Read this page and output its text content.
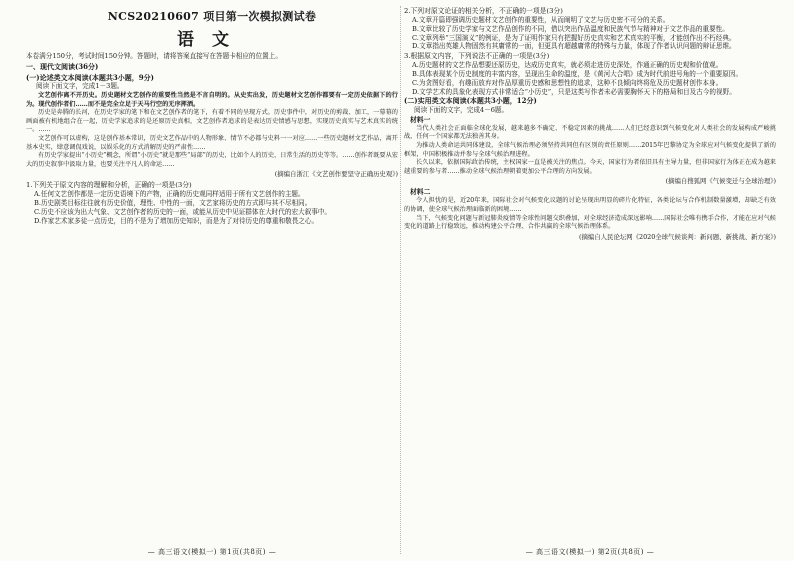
NCS20210607 项目第一次模拟测试卷
语文

本卷满分150分，考试时间150分钟。答题时，请将答案直接写在答题卡相应的位置上。

一、现代文阅读(36分)
(一)论述类文本阅读(本题共3小题，9分)
阅读下面文字，完成1－3题。

文艺创作离不开历史。历史题材文艺创作的重要性当然是不言自明的。从史实出发，历史题材文艺创作都要有一定历史依据下的行为。现代创作者们……而不是完全立足于天马行空的无序挥洒。

历史是奔腾的长河，在历史学家的笔下和在文艺创作者的笔下，有着不同的呈现方式。历史事件中，对历史的剪裁、加工，一幕幕的画面被有机地组合在一起，历史学家追求的是还原历史真相，文艺创作者追求的是表达历史情感与思想，实现历史真实与艺术真实的统一。……

文艺创作可以虚构，这是创作基本常识，历史文艺作品中的人物形象、情节不必都与史料一一对应……一些历史题材文艺作品，离开基本史实，肆意调侃戏说，以娱乐化的方式消解历史的严肃性……

有历史学家提出“小历史”概念，所谓“小历史”就是那些“局部”的历史，比如个人的历史、日常生活的历史等等。……创作者既要从宏大的历史叙事中汲取力量，也要关注平凡人的命运……

(摘编自浙江《文艺创作要坚守正确历史观》)
1.下列关于原文内容的理解和分析，正确的一项是(3分)
A.任何文艺创作都是一定历史语境下的产物，正确的历史观同样适用于所有文艺创作的主题。
B.历史剧类目标往往就有历史价值，理性、中性的一面，文艺家将历史的方式即与其不尽相同。
C.历史不应该为出大气象、文艺创作者的历史的一面，或能从历史中见证群体在大时代的宏大叙事中。
D.作家艺术家多徒一点历史，目的不是为了增加历史知识，而是为了对待历史的尊重和敬畏之心。
2.下列对原文论证的相关分析，不正确的一项是(3分)
A.文章开篇即强调历史题材文艺创作的重要性，从而阐明了文艺与历史密不可分的关系。
B.文章比较了历史学家与文艺作品创作的不同，借以突出作品温度和民族气节与精神对于文艺作品的重要性。
C.文章列举“三国演义”的例证，是为了证明作家只有把握好历史真实和艺术真实的平衡，才能创作出不朽经典。
D.文章指出英雄人物固然有其庸常的一面，但更具有超越庸常的特殊与力量，体现了作者认识问题的辩证思维。
3.根据原文内容，下列说法不正确的一项是(3分)
A.历史题材的文艺作品想要还原历史，达成历史真实，就必须走进历史深处，作通正确的历史观和价值观。
B.具体表现某个历史制度的丰富内容，呈现出生命的温度，是《黄河大合唱》成为时代前进号角的一个重要原因。
C.为贪图好看，有趣而放弃对作品厚重历史感和思想性的追求，这种不良倾向终将危及历史题材创作本身。
D.文学艺术的具象化表现方式非常适合“小历史”，只是这类写作者未必需要胸怀天下的格局和目及古今的视野。
(二)实用类文本阅读(本题共3小题，12分)
阅读下面的文字，完成4－6题。
材料一

当代人类社会正面临全球化发展，越来越多不确定、不稳定因素的挑战……人们已经意识到气候变化对人类社会的发展构成严峻挑战，任何一个国家都无法独善其身。

为推动人类命运共同体建设，全球气候治理必须坚持共同但有区别的责任原则……2015年巴黎协定为全球应对气候变化提供了新的框架，中国积极推动并参与全球气候治理进程。

长久以来，依据国际政治传统，主权国家一直是被关注的焦点。今天，国家行为者依旧具有主导力量，但非国家行为体正在成为越来越重要的参与者……推动全球气候治理朝着更加公平合理的方向发展。

(摘编自搜狐网《气候变迁与全球治理》)
材料二

令人担忧的是，近20年来，国际社会对气候变化议题的讨论呈现出明显的碎片化特征，各类论坛与合作机制数量激增，却缺乏有效的协调，使全球气候治理面临新的困境……

当下，气候变化问题与新冠肺炎疫情等全球性问题交织叠加，对全球经济造成深远影响……国际社会唯有携手合作，才能在应对气候变化的道路上行稳致远，推动构建公平合理、合作共赢的全球气候治理体系。

(摘编自人民论坛网《2020全球气候谈判：新问题、新挑战、新方案》)
— 高三语文(模拟一) 第1页(共8页) —	— 高三语文(模拟一) 第2页(共8页) —
